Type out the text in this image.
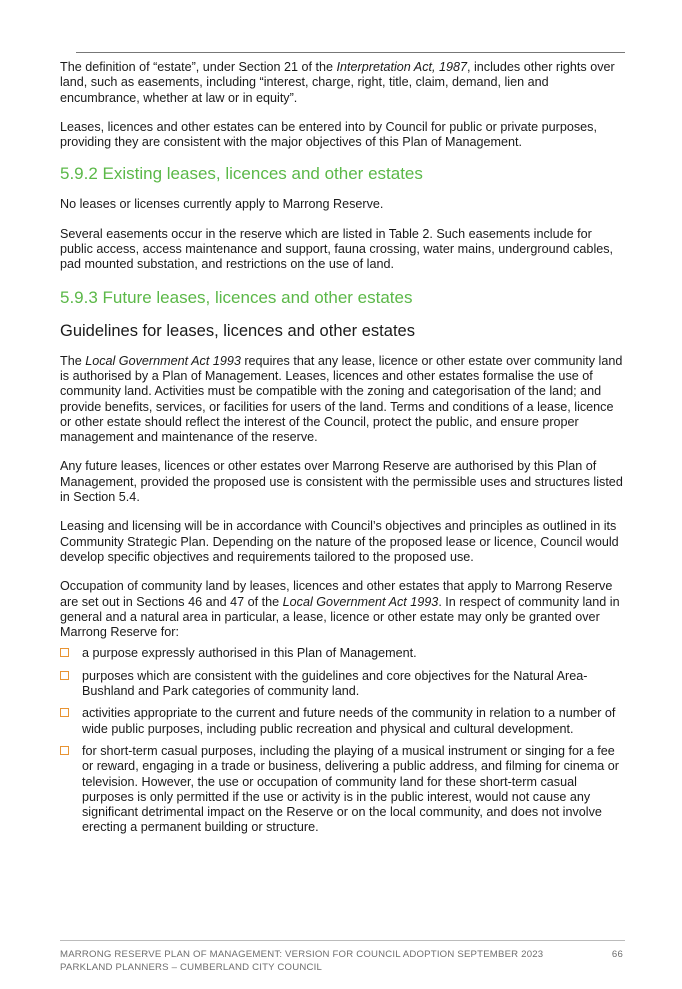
The definition of “estate”, under Section 21 of the Interpretation Act, 1987, includes other rights over land, such as easements, including “interest, charge, right, title, claim, demand, lien and encumbrance, whether at law or in equity”.

Leases, licences and other estates can be entered into by Council for public or private purposes, providing they are consistent with the major objectives of this Plan of Management.

5.9.2 Existing leases, licences and other estates

No leases or licenses currently apply to Marrong Reserve.

Several easements occur in the reserve which are listed in Table 2. Such easements include for public access, access maintenance and support, fauna crossing, water mains, underground cables, pad mounted substation, and restrictions on the use of land.

5.9.3 Future leases, licences and other estates
Guidelines for leases, licences and other estates

The Local Government Act 1993 requires that any lease, licence or other estate over community land is authorised by a Plan of Management. Leases, licences and other estates formalise the use of community land. Activities must be compatible with the zoning and categorisation of the land; and provide benefits, services, or facilities for users of the land. Terms and conditions of a lease, licence or other estate should reflect the interest of the Council, protect the public, and ensure proper management and maintenance of the reserve.

Any future leases, licences or other estates over Marrong Reserve are authorised by this Plan of Management, provided the proposed use is consistent with the permissible uses and structures listed in Section 5.4.

Leasing and licensing will be in accordance with Council’s objectives and principles as outlined in its Community Strategic Plan. Depending on the nature of the proposed lease or licence, Council would develop specific objectives and requirements tailored to the proposed use.

Occupation of community land by leases, licences and other estates that apply to Marrong Reserve are set out in Sections 46 and 47 of the Local Government Act 1993. In respect of community land in general and a natural area in particular, a lease, licence or other estate may only be granted over Marrong Reserve for:

a purpose expressly authorised in this Plan of Management.
purposes which are consistent with the guidelines and core objectives for the Natural Area-Bushland and Park categories of community land.
activities appropriate to the current and future needs of the community in relation to a number of wide public purposes, including public recreation and physical and cultural development.
for short-term casual purposes, including the playing of a musical instrument or singing for a fee or reward, engaging in a trade or business, delivering a public address, and filming for cinema or television. However, the use or occupation of community land for these short-term casual purposes is only permitted if the use or activity is in the public interest, would not cause any significant detrimental impact on the Reserve or on the local community, and does not involve erecting a permanent building or structure.
MARRONG RESERVE PLAN OF MANAGEMENT: VERSION FOR COUNCIL ADOPTION SEPTEMBER 2023
PARKLAND PLANNERS – CUMBERLAND CITY COUNCIL
66
